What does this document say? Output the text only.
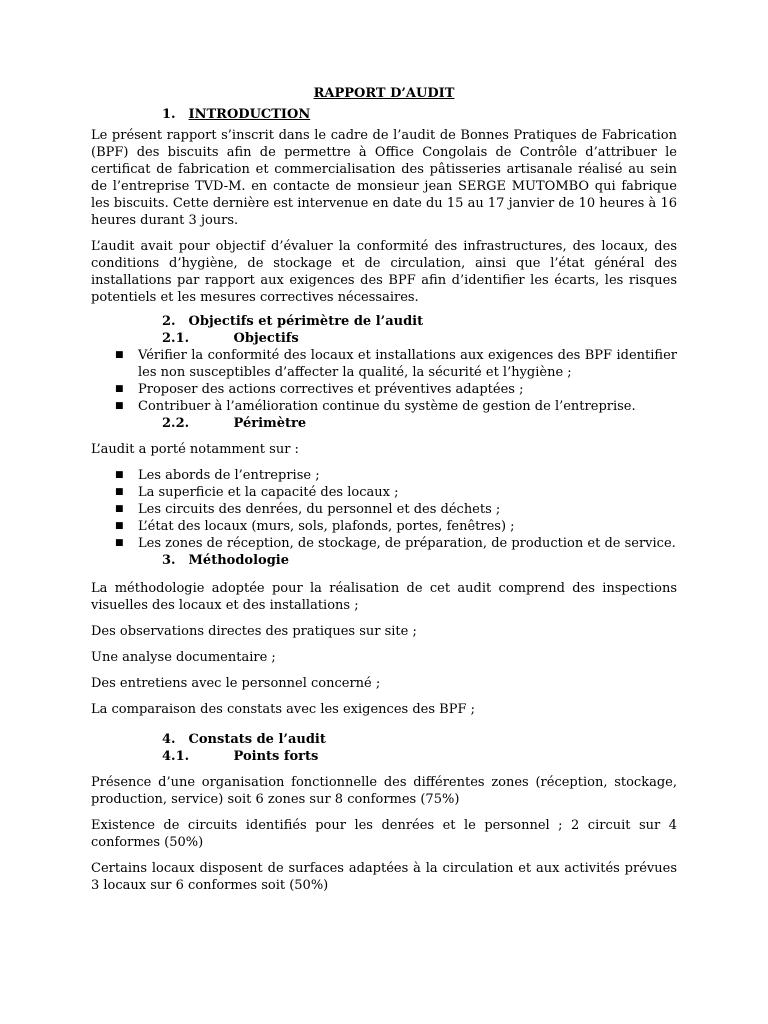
RAPPORT D’AUDIT
1. INTRODUCTION

Le présent rapport s’inscrit dans le cadre de l’audit de Bonnes Pratiques de Fabrication (BPF) des biscuits afin de permettre à Office Congolais de Contrôle d’attribuer le certificat de fabrication et commercialisation des pâtisseries artisanale réalisé au sein de l’entreprise TVD-M. en contacte de monsieur jean SERGE MUTOMBO qui fabrique les biscuits. Cette dernière est intervenue en date du 15 au 17 janvier de 10 heures à 16 heures durant 3 jours.

L’audit avait pour objectif d’évaluer la conformité des infrastructures, des locaux, des conditions d’hygiène, de stockage et de circulation, ainsi que l’état général des installations par rapport aux exigences des BPF afin d’identifier les écarts, les risques potentiels et les mesures correctives nécessaires.

2. Objectifs et périmètre de l’audit
2.1.	Objectifs
■ Vérifier la conformité des locaux et installations aux exigences des BPF identifier les non susceptibles d’affecter la qualité, la sécurité et l’hygiène ;
■ Proposer des actions correctives et préventives adaptées ;
■ Contribuer à l’amélioration continue du système de gestion de l’entreprise.
2.2.	Périmètre

L’audit a porté notamment sur :

■ Les abords de l’entreprise ;
■ La superficie et la capacité des locaux ;
■ Les circuits des denrées, du personnel et des déchets ;
■ L’état des locaux (murs, sols, plafonds, portes, fenêtres) ;
■ Les zones de réception, de stockage, de préparation, de production et de service.
3. Méthodologie

La méthodologie adoptée pour la réalisation de cet audit comprend des inspections visuelles des locaux et des installations ;

Des observations directes des pratiques sur site ;

Une analyse documentaire ;

Des entretiens avec le personnel concerné ;

La comparaison des constats avec les exigences des BPF ;

4. Constats de l’audit
4.1.	Points forts

Présence d’une organisation fonctionnelle des différentes zones (réception, stockage, production, service) soit 6 zones sur 8 conformes (75%)

Existence de circuits identifiés pour les denrées et le personnel ; 2 circuit sur 4 conformes (50%)

Certains locaux disposent de surfaces adaptées à la circulation et aux activités prévues 3 locaux sur 6 conformes soit (50%)
